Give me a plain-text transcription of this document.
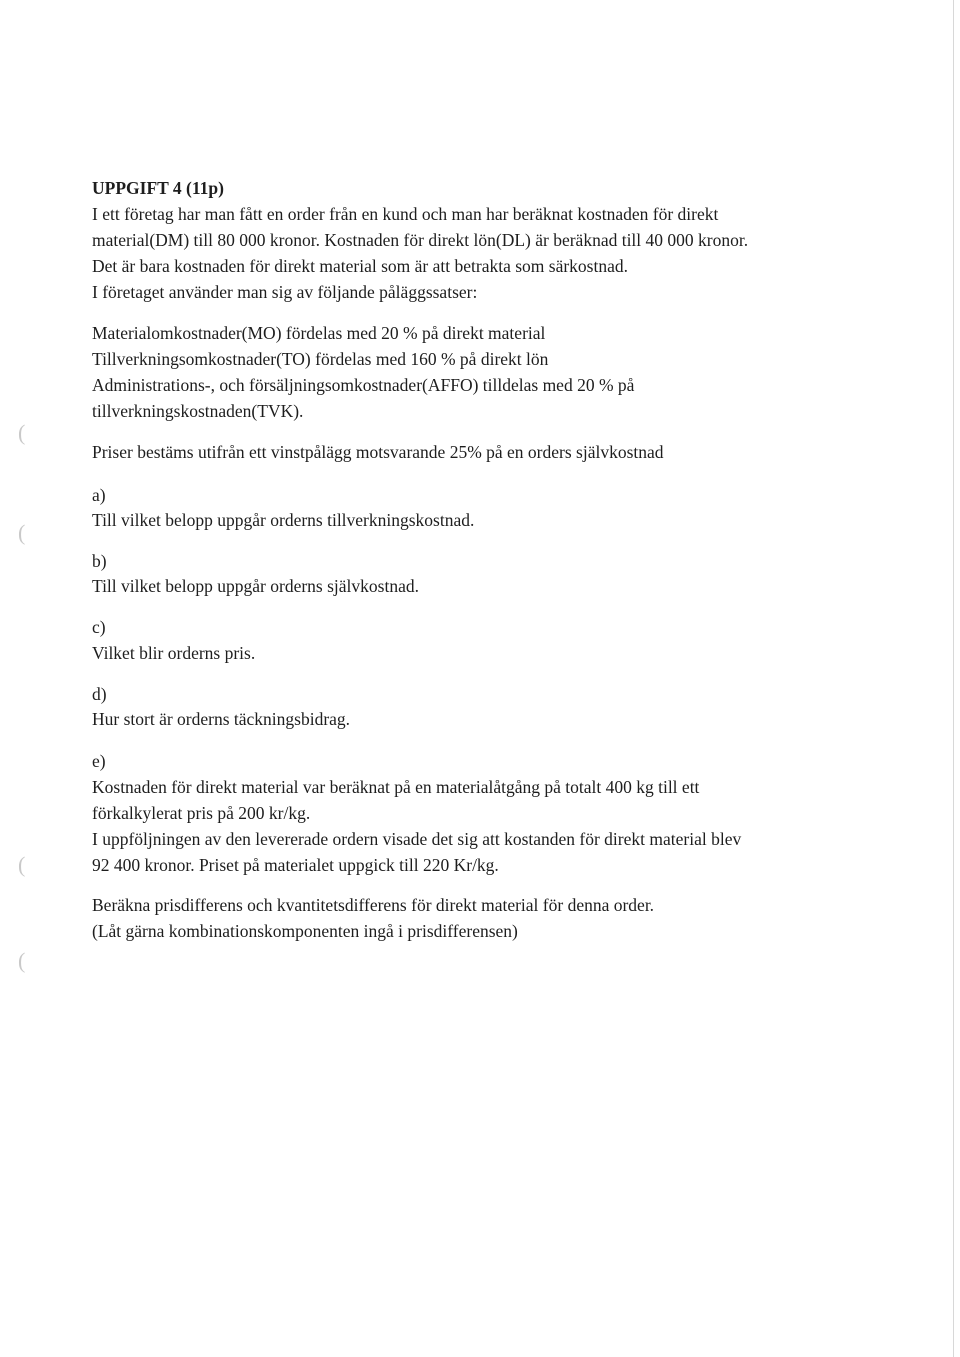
(
(
(
(
UPPGIFT 4 (11p)
I ett företag har man fått en order från en kund och man har beräknat kostnaden för direkt
material(DM) till 80 000 kronor. Kostnaden för direkt lön(DL) är beräknad till 40 000 kronor.
Det är bara kostnaden för direkt material som är att betrakta som särkostnad.
I företaget använder man sig av följande påläggssatser:
Materialomkostnader(MO) fördelas med 20 % på direkt material
Tillverkningsomkostnader(TO) fördelas med 160 % på direkt lön
Administrations-, och försäljningsomkostnader(AFFO) tilldelas med 20 % på
tillverkningskostnaden(TVK).
Priser bestäms utifrån ett vinstpålägg motsvarande 25% på en orders självkostnad
a)
Till vilket belopp uppgår orderns tillverkningskostnad.
b)
Till vilket belopp uppgår orderns självkostnad.
c)
Vilket blir orderns pris.
d)
Hur stort är orderns täckningsbidrag.
e)
Kostnaden för direkt material var beräknat på en materialåtgång på totalt 400 kg till ett
förkalkylerat pris på 200 kr/kg.
I uppföljningen av den levererade ordern visade det sig att kostanden för direkt material blev
92 400 kronor. Priset på materialet uppgick till 220 Kr/kg.
Beräkna prisdifferens och kvantitetsdifferens för direkt material för denna order.
(Låt gärna kombinationskomponenten ingå i prisdifferensen)
